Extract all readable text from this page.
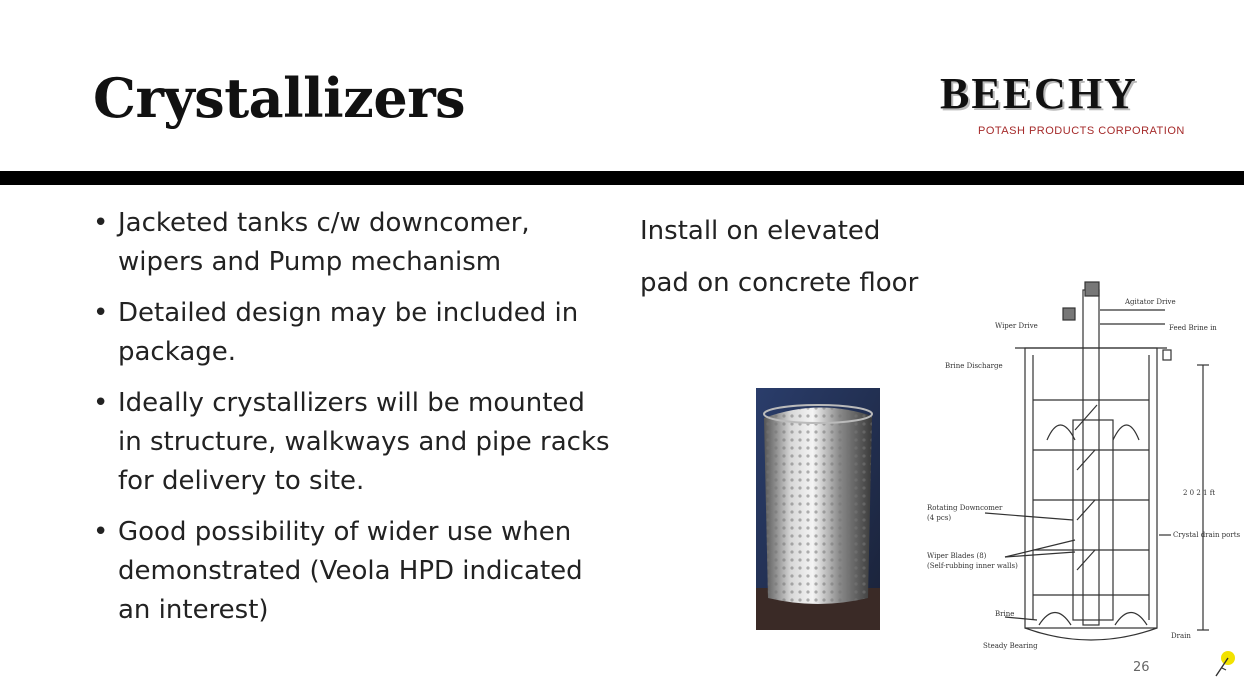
Crystallizers	BEECHY
POTASH PRODUCTS CORPORATION
• Jacketed tanks c/w downcomer, wipers and Pump mechanism
• Detailed design may be included in package.
• Ideally crystallizers will be mounted in structure, walkways and pipe racks for delivery to site.
• Good possibility of wider use when demonstrated (Veola HPD indicated an interest)
Install on elevated
pad on concrete floor
Agitator Drive
Wiper Drive	Feed Brine in
Brine Discharge
2 0 2 1 ft
Rotating Downcomer
(4 pcs)
Wiper Blades (8)
(Self-rubbing inner walls)
Crystal drain ports
Brine
Drain
Steady Bearing
26
